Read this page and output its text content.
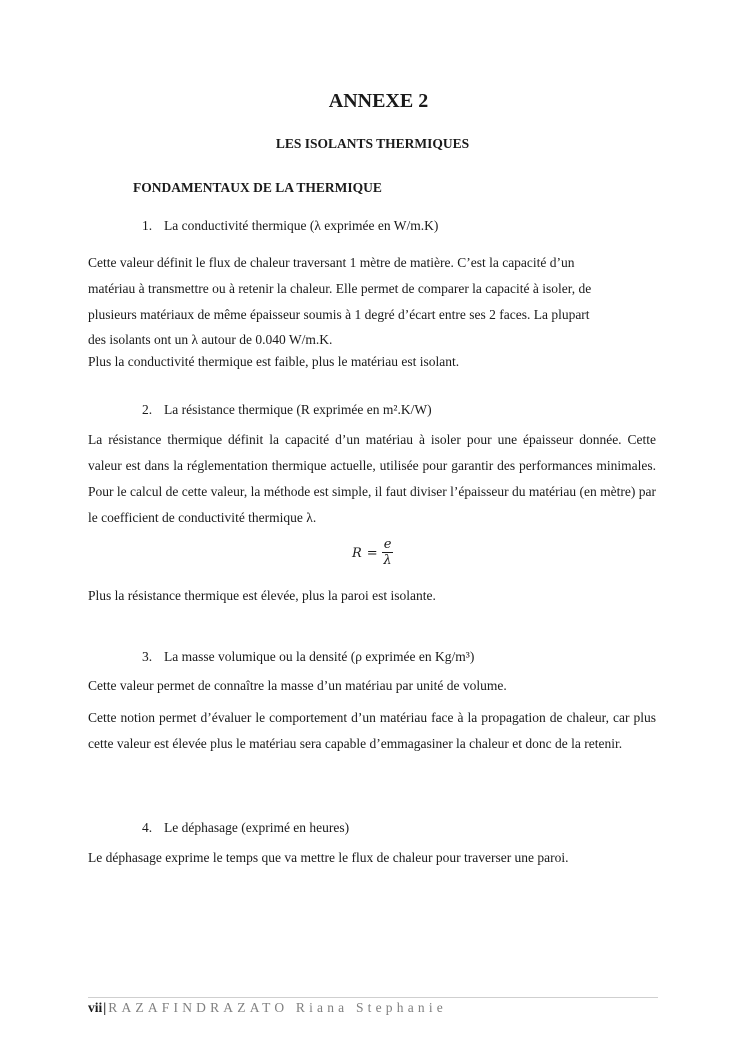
ANNEXE 2
LES ISOLANTS THERMIQUES
FONDAMENTAUX DE LA THERMIQUE
1. La conductivité thermique (λ exprimée en W/m.K)
Cette valeur définit le flux de chaleur traversant 1 mètre de matière. C’est la capacité d’un
matériau à transmettre ou à retenir la chaleur. Elle permet de comparer la capacité à isoler, de
plusieurs matériaux de même épaisseur soumis à 1 degré d’écart entre ses 2 faces. La plupart
des isolants ont un λ autour de 0.040 W/m.K.
Plus la conductivité thermique est faible, plus le matériau est isolant.
2. La résistance thermique (R exprimée en m².K/W)
La résistance thermique définit la capacité d’un matériau à isoler pour une épaisseur donnée. Cette valeur est dans la réglementation thermique actuelle, utilisée pour garantir des performances minimales. Pour le calcul de cette valeur, la méthode est simple, il faut diviser l’épaisseur du matériau (en mètre) par le coefficient de conductivité thermique λ.
$R = \frac{e}{\lambda}$
Plus la résistance thermique est élevée, plus la paroi est isolante.
3. La masse volumique ou la densité (ρ exprimée en Kg/m³)
Cette valeur permet de connaître la masse d’un matériau par unité de volume.
Cette notion permet d’évaluer le comportement d’un matériau face à la propagation de chaleur, car plus cette valeur est élevée plus le matériau sera capable d’emmagasiner la chaleur et donc de la retenir.
4. Le déphasage (exprimé en heures)
Le déphasage exprime le temps que va mettre le flux de chaleur pour traverser une paroi.
vii| RAZAFINDRAZATO Riana Stephanie
